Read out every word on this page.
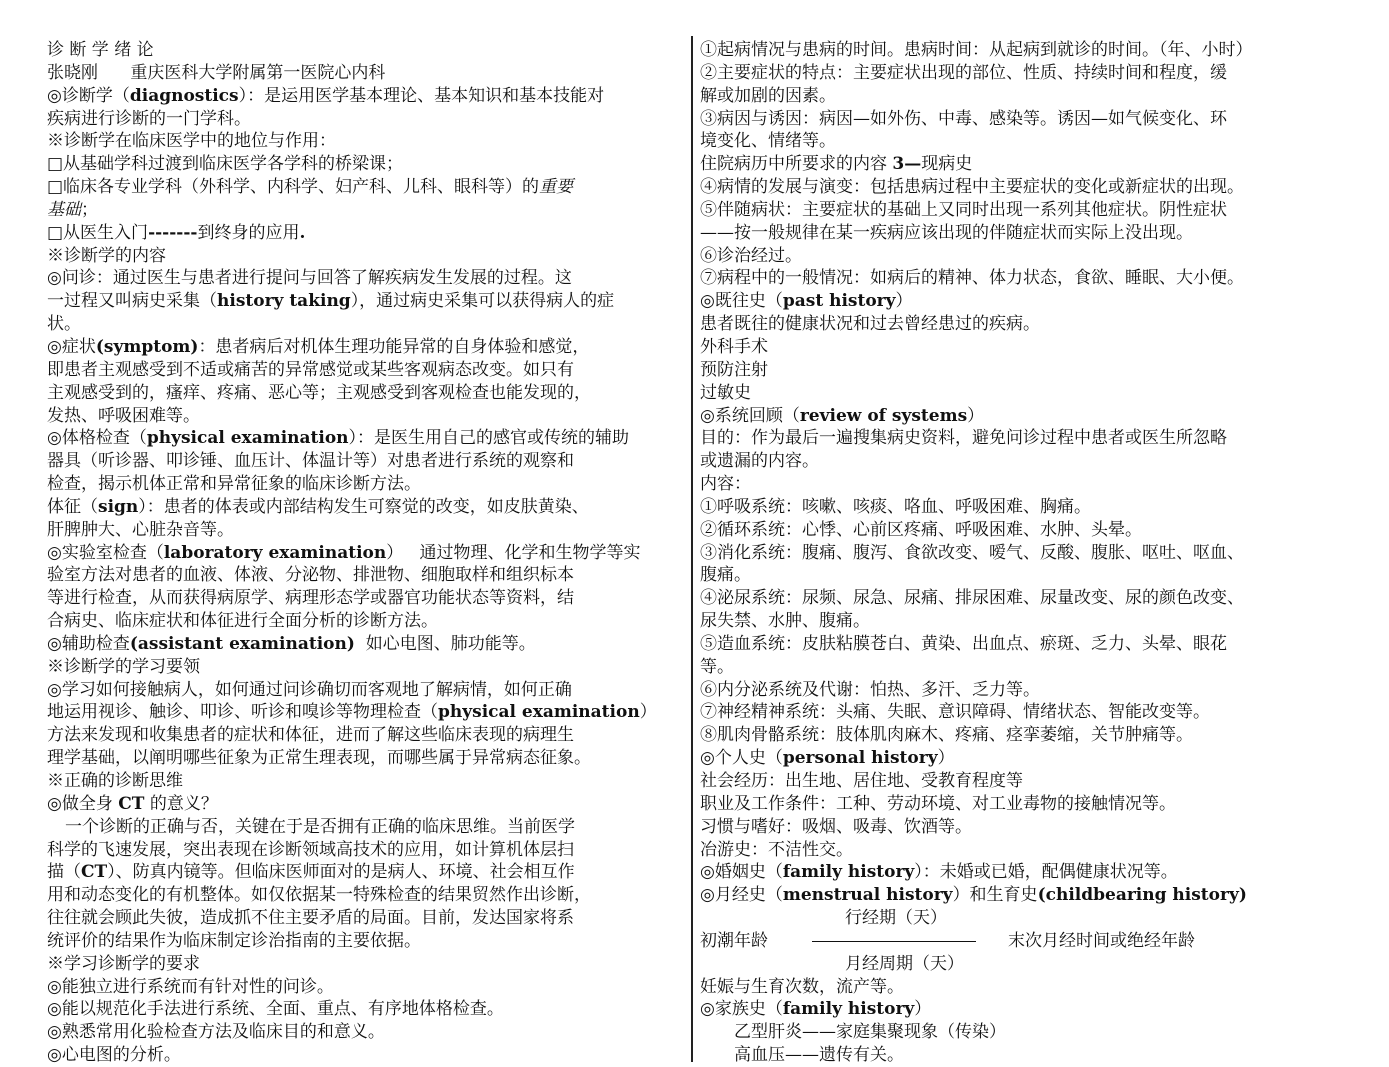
诊 断 学 绪 论
张晓刚      重庆医科大学附属第一医院心内科
◎诊断学（ diagnostics ）：是运用医学基本理论、基本知识和基本技能对
疾病进行诊断的一门学科。
※诊断学在临床医学中的地位与作用：
□从基础学科过渡到临床医学各学科的桥梁课；
□临床各专业学科（外科学、内科学、妇产科、儿科、眼科等）的 重要
基础 ；
□从医生入门 ------- 到终身的应用 .
※诊断学的内容
◎问诊：通过医生与患者进行提问与回答了解疾病发生发展的过程。这
一过程又叫病史采集（ history taking ），通过病史采集可以获得病人的症
状。
◎症状 (symptom) ：患者病后对机体生理功能异常的自身体验和感觉，
即患者主观感受到不适或痛苦的异常感觉或某些客观病态改变。如只有
主观感受到的，瘙痒、疼痛、恶心等；主观感受到客观检查也能发现的，
发热、呼吸困难等。
◎体格检查（ physical examination ）：是医生用自己的感官或传统的辅助
器具（听诊器、叩诊锤、血压计、体温计等）对患者进行系统的观察和
检查，揭示机体正常和异常征象的临床诊断方法。
体征（ sign ）：患者的体表或内部结构发生可察觉的改变，如皮肤黄染、
肝脾肿大、心脏杂音等。
◎实验室检查（ laboratory examination ）   通过物理、化学和生物学等实
验室方法对患者的血液、体液、分泌物、排泄物、细胞取样和组织标本
等进行检查，从而获得病原学、病理形态学或器官功能状态等资料，结
合病史、临床症状和体征进行全面分析的诊断方法。
◎辅助检查 (assistant examination) 如心电图、肺功能等。
※诊断学的学习要领
◎学习如何接触病人，如何通过问诊确切而客观地了解病情，如何正确
地运用视诊、触诊、叩诊、听诊和嗅诊等物理检查（ physical examination ）
方法来发现和收集患者的症状和体征，进而了解这些临床表现的病理生
理学基础，以阐明哪些征象为正常生理表现，而哪些属于异常病态征象。
※正确的诊断思维
◎做全身 CT 的意义？
一个诊断的正确与否，关键在于是否拥有正确的临床思维。当前医学
科学的飞速发展，突出表现在诊断领域高技术的应用，如计算机体层扫
描（ CT ）、防真内镜等。但临床医师面对的是病人、环境、社会相互作
用和动态变化的有机整体。如仅依据某一特殊检查的结果贸然作出诊断，
往往就会顾此失彼，造成抓不住主要矛盾的局面。目前，发达国家将系
统评价的结果作为临床制定诊治指南的主要依据。
※学习诊断学的要求
◎能独立进行系统而有针对性的问诊。
◎能以规范化手法进行系统、全面、重点、有序地体格检查。
◎熟悉常用化验检查方法及临床目的和意义。
◎心电图的分析。
①起病情况与患病的时间。患病时间：从起病到就诊的时间。（年、小时）
②主要症状的特点：主要症状出现的部位、性质、持续时间和程度，缓
解或加剧的因素。
③病因与诱因：病因—如外伤、中毒、感染等。诱因—如气候变化、环
境变化、情绪等。
住院病历中所要求的内容 3— 现病史
④病情的发展与演变：包括患病过程中主要症状的变化或新症状的出现。
⑤伴随病状：主要症状的基础上又同时出现一系列其他症状。阴性症状
——按一般规律在某一疾病应该出现的伴随症状而实际上没出现。
⑥诊治经过。
⑦病程中的一般情况：如病后的精神、体力状态，食欲、睡眠、大小便。
◎既往史（ past history ）
患者既往的健康状况和过去曾经患过的疾病。
外科手术
预防注射
过敏史
◎系统回顾（ review of systems ）
目的：作为最后一遍搜集病史资料，避免问诊过程中患者或医生所忽略
或遗漏的内容。
内容：
①呼吸系统：咳嗽、咳痰、咯血、呼吸困难、胸痛。
②循环系统：心悸、心前区疼痛、呼吸困难、水肿、头晕。
③消化系统：腹痛、腹泻、食欲改变、嗳气、反酸、腹胀、呕吐、呕血、
腹痛。
④泌尿系统：尿频、尿急、尿痛、排尿困难、尿量改变、尿的颜色改变、
尿失禁、水肿、腹痛。
⑤造血系统：皮肤粘膜苍白、黄染、出血点、瘀斑、乏力、头晕、眼花
等。
⑥内分泌系统及代谢：怕热、多汗、乏力等。
⑦神经精神系统：头痛、失眠、意识障碍、情绪状态、智能改变等。
⑧肌肉骨骼系统：肢体肌肉麻木、疼痛、痉挛萎缩，关节肿痛等。
◎个人史（ personal history ）
社会经历：出生地、居住地、受教育程度等
职业及工作条件：工种、劳动环境、对工业毒物的接触情况等。
习惯与嗜好：吸烟、吸毒、饮酒等。
冶游史：不洁性交。
◎婚姻史（ family history ）：未婚或已婚，配偶健康状况等。
◎月经史（ menstrual history ）和生育史 (childbearing history)
行经期（天）
初潮年龄	末次月经时间或绝经年龄
月经周期（天）
妊娠与生育次数，流产等。
◎家族史（ family history ）
乙型肝炎——家庭集聚现象（传染）
高血压——遗传有关。
